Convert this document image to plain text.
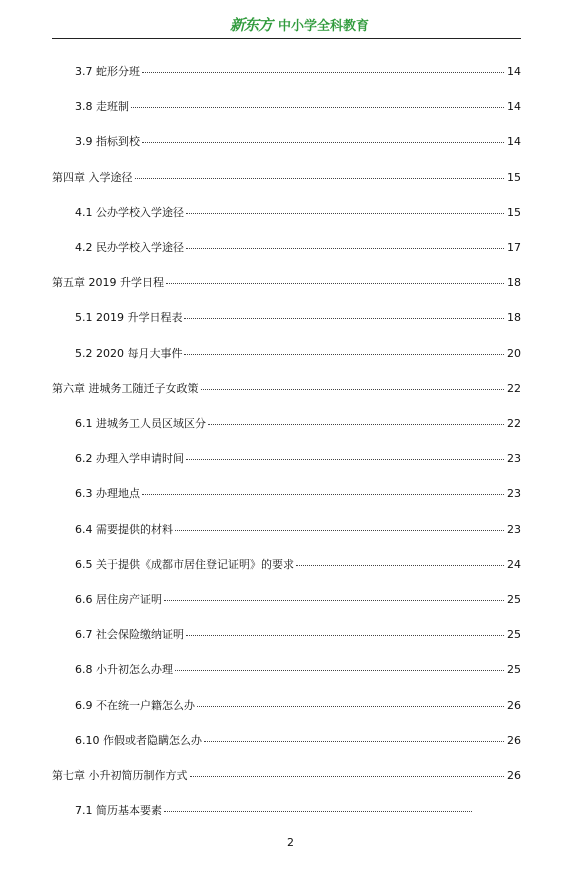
新东方 中小学全科教育
3.7 蛇形分班	14
3.8 走班制	14
3.9 指标到校	14
第四章 入学途径	15
4.1 公办学校入学途径	15
4.2 民办学校入学途径	17
第五章 2019 升学日程	18
5.1 2019 升学日程表	18
5.2 2020 每月大事件	20
第六章 进城务工随迁子女政策	22
6.1 进城务工人员区域区分	22
6.2 办理入学申请时间	23
6.3 办理地点	23
6.4 需要提供的材料	23
6.5 关于提供《成都市居住登记证明》的要求	24
6.6 居住房产证明	25
6.7 社会保险缴纳证明	25
6.8 小升初怎么办理	25
6.9 不在统一户籍怎么办	26
6.10 作假或者隐瞒怎么办	26
第七章 小升初简历制作方式	26
7.1 简历基本要素
2
